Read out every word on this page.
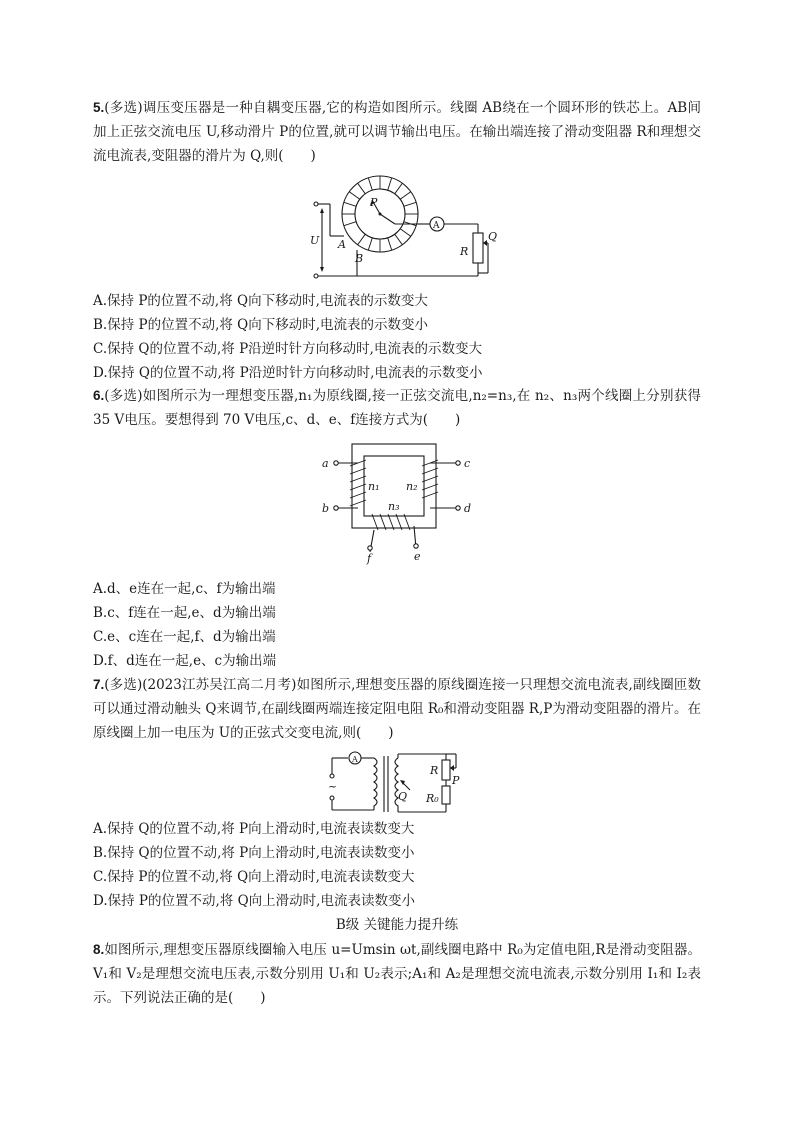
5.(多选)调压变压器是一种自耦变压器,它的构造如图所示。线圈 AB绕在一个圆环形的铁芯上。AB间加上正弦交流电压 U,移动滑片 P的位置,就可以调节输出电压。在输出端连接了滑动变阻器 R和理想交流电流表,变阻器的滑片为 Q,则(　　)
P
A
R
Q
B
A
U
A.保持 P的位置不动,将 Q向下移动时,电流表的示数变大
B.保持 P的位置不动,将 Q向下移动时,电流表的示数变小
C.保持 Q的位置不动,将 P沿逆时针方向移动时,电流表的示数变大
D.保持 Q的位置不动,将 P沿逆时针方向移动时,电流表的示数变小
6.(多选)如图所示为一理想变压器,n₁为原线圈,接一正弦交流电,n₂=n₃,在 n₂、n₃两个线圈上分别获得 35 V电压。要想得到 70 V电压,c、d、e、f连接方式为(　　)
a
b
c
d
e
f
n₁ n₂
n₃
A.d、e连在一起,c、f为输出端
B.c、f连在一起,e、d为输出端
C.e、c连在一起,f、d为输出端
D.f、d连在一起,e、c为输出端
7.(多选)(2023江苏吴江高二月考)如图所示,理想变压器的原线圈连接一只理想交流电流表,副线圈匝数可以通过滑动触头 Q来调节,在副线圈两端连接定阻电阻 R₀和滑动变阻器 R,P为滑动变阻器的滑片。在原线圈上加一电压为 U的正弦式交变电流,则(　　)
A
~
Q
R
P
R₀
A.保持 Q的位置不动,将 P向上滑动时,电流表读数变大
B.保持 Q的位置不动,将 P向上滑动时,电流表读数变小
C.保持 P的位置不动,将 Q向上滑动时,电流表读数变大
D.保持 P的位置不动,将 Q向上滑动时,电流表读数变小
B级 关键能力提升练
8.如图所示,理想变压器原线圈输入电压 u=Umsin ωt,副线圈电路中 R₀为定值电阻,R是滑动变阻器。V₁和 V₂是理想交流电压表,示数分别用 U₁和 U₂表示;A₁和 A₂是理想交流电流表,示数分别用 I₁和 I₂表示。下列说法正确的是(　　)
